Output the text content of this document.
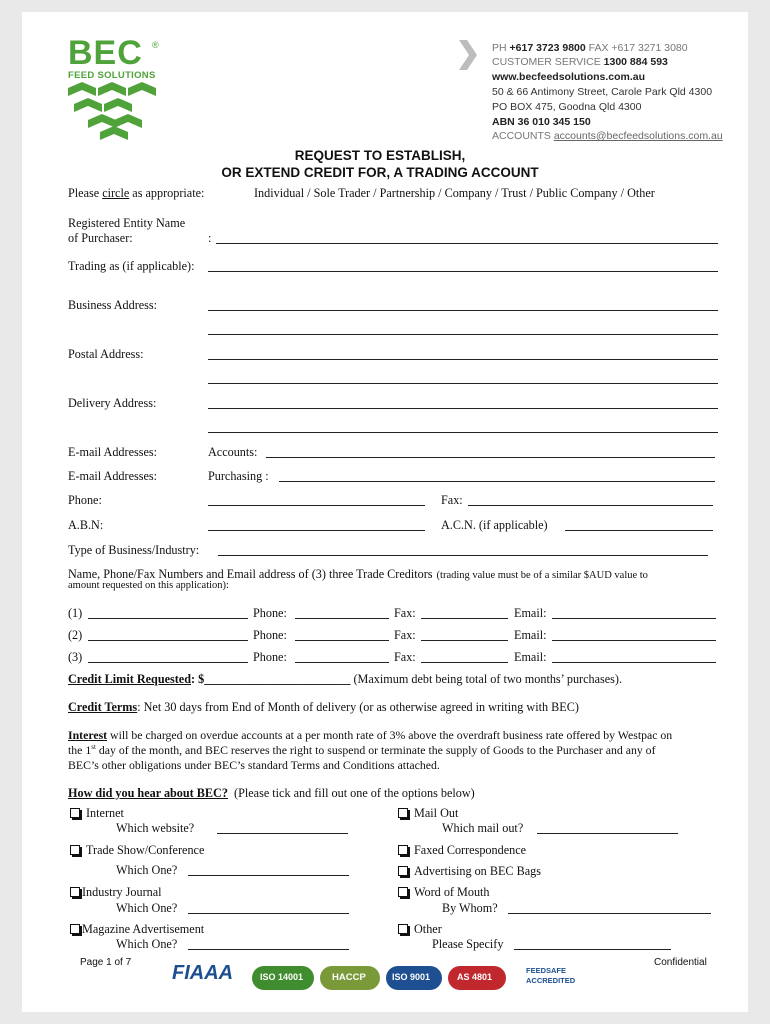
BEC ®
FEED SOLUTIONS
PH +617 3723 9800 FAX +617 3271 3080
CUSTOMER SERVICE 1300 884 593
www.becfeedsolutions.com.au
50 & 66 Antimony Street, Carole Park Qld 4300
PO BOX 475, Goodna Qld 4300
ABN 36 010 345 150
ACCOUNTS accounts@becfeedsolutions.com.au
REQUEST TO ESTABLISH,
OR EXTEND CREDIT FOR, A TRADING ACCOUNT
Please circle as appropriate:	Individual / Sole Trader / Partnership / Company / Trust / Public Company / Other
Registered Entity Name
of Purchaser:	:
Trading as (if applicable):
Business Address:
Postal Address:
Delivery Address:
E-mail Addresses:	Accounts:
E-mail Addresses:	Purchasing :
Phone:	Fax:
A.B.N:	A.C.N. (if applicable)
Type of Business/Industry:
Name, Phone/Fax Numbers and Email address of (3) three Trade Creditors (trading value must be of a similar $AUD value to
amount requested on this application):
(1)	Phone:	Fax:	Email:
(2)	Phone:	Fax:	Email:
(3)	Phone:	Fax:	Email:
Credit Limit Requested: $________________________ (Maximum debt being total of two months’ purchases).
Credit Terms: Net 30 days from End of Month of delivery (or as otherwise agreed in writing with BEC)
Interest will be charged on overdue accounts at a per month rate of 3% above the overdraft business rate offered by Westpac on
the 1st day of the month, and BEC reserves the right to suspend or terminate the supply of Goods to the Purchaser and any of
BEC’s other obligations under BEC’s standard Terms and Conditions attached.
How did you hear about BEC? (Please tick and fill out one of the options below)
Internet
Which website?
Trade Show/Conference
Which One?
Industry Journal
Which One?
Magazine Advertisement
Which One?
Mail Out
Which mail out?
Faxed Correspondence
Advertising on BEC Bags
Word of Mouth
By Whom?
Other
Please Specify
Page 1 of 7	Confidential
FIAAA	ISO 14001	HACCP	ISO 9001	AS 4801
FEEDSAFE ACCREDITED
